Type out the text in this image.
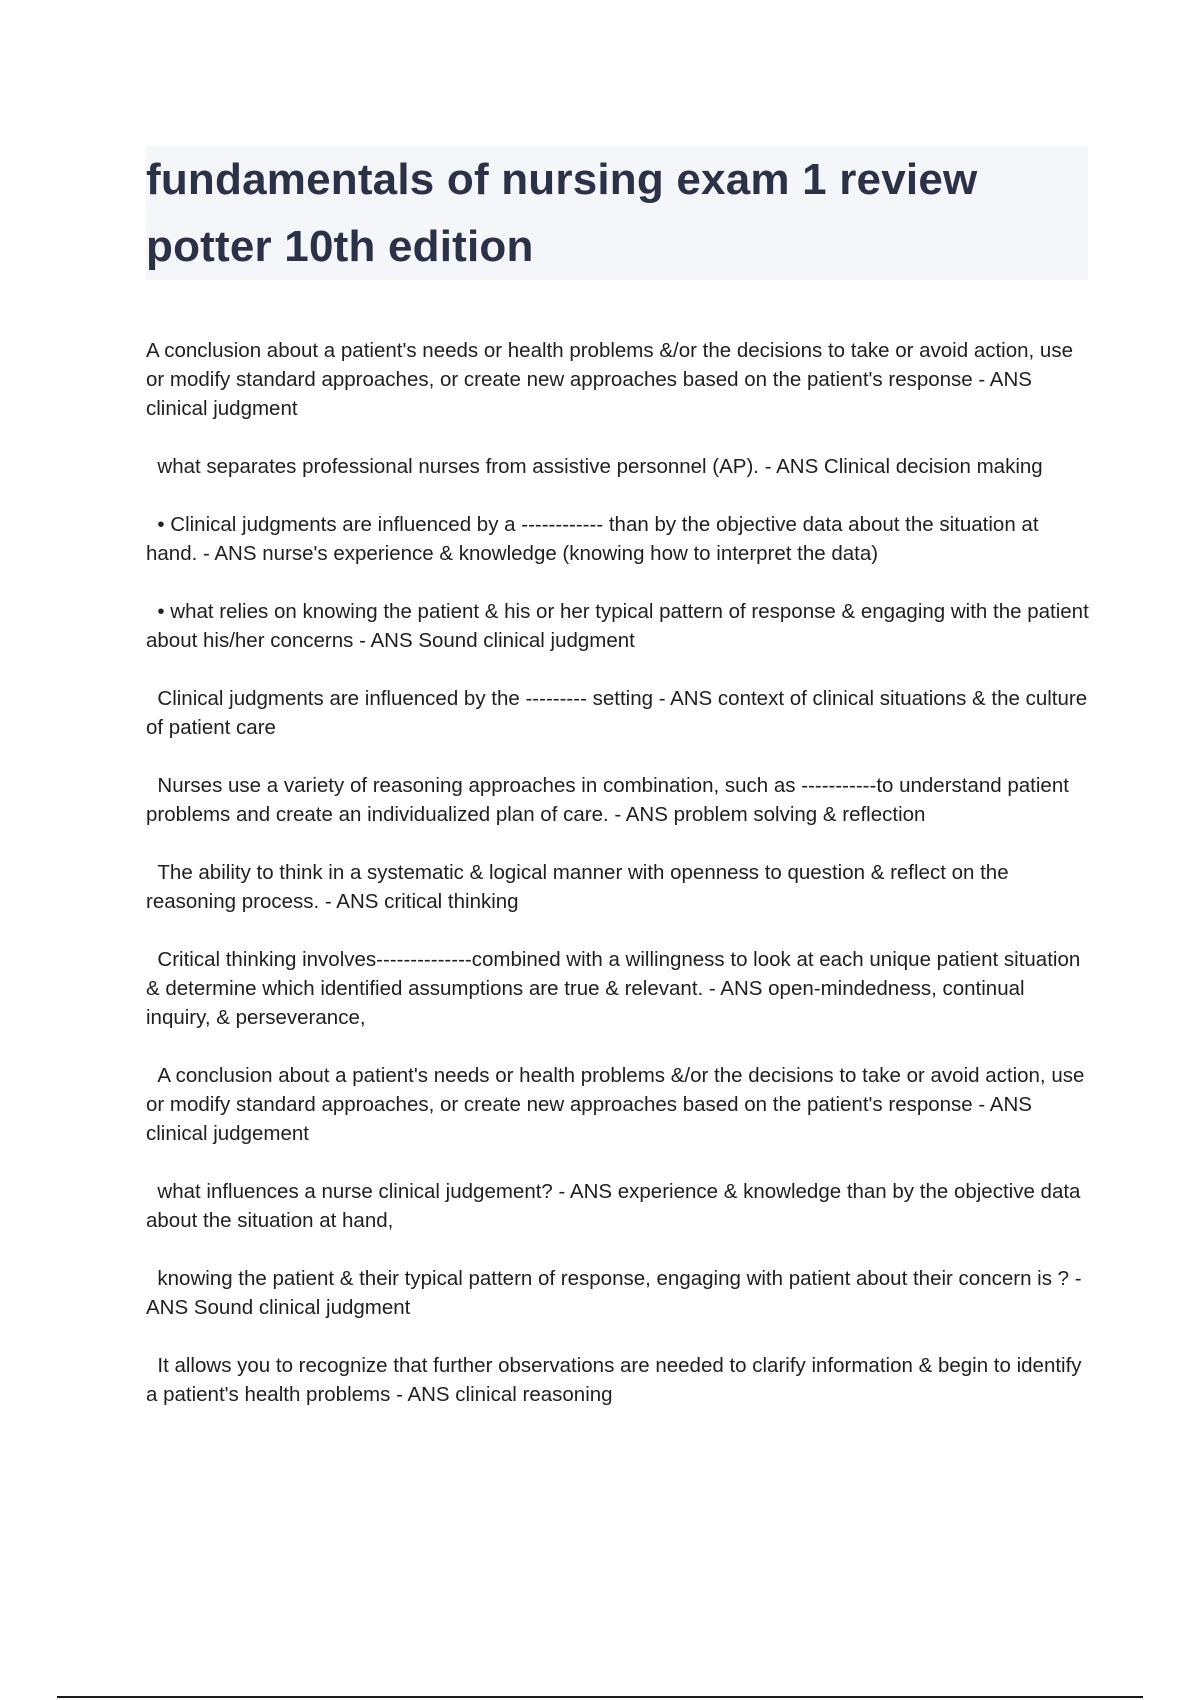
fundamentals of nursing exam 1 review potter 10th edition

A conclusion about a patient's needs or health problems &/or the decisions to take or avoid action, use or modify standard approaches, or create new approaches based on the patient's response - ANS clinical judgment

what separates professional nurses from assistive personnel (AP). - ANS Clinical decision making

• Clinical judgments are influenced by a ------------ than by the objective data about the situation at hand. - ANS nurse's experience & knowledge (knowing how to interpret the data)

• what relies on knowing the patient & his or her typical pattern of response & engaging with the patient about his/her concerns - ANS Sound clinical judgment

Clinical judgments are influenced by the --------- setting - ANS context of clinical situations & the culture of patient care

Nurses use a variety of reasoning approaches in combination, such as -----------to understand patient problems and create an individualized plan of care. - ANS problem solving & reflection

The ability to think in a systematic & logical manner with openness to question & reflect on the reasoning process. - ANS critical thinking

Critical thinking involves--------------combined with a willingness to look at each unique patient situation & determine which identified assumptions are true & relevant. - ANS open-mindedness, continual inquiry, & perseverance,

A conclusion about a patient's needs or health problems &/or the decisions to take or avoid action, use or modify standard approaches, or create new approaches based on the patient's response - ANS clinical judgement

what influences a nurse clinical judgement? - ANS experience & knowledge than by the objective data about the situation at hand,

knowing the patient & their typical pattern of response, engaging with patient about their concern is ? - ANS Sound clinical judgment

It allows you to recognize that further observations are needed to clarify information & begin to identify a patient's health problems - ANS clinical reasoning
